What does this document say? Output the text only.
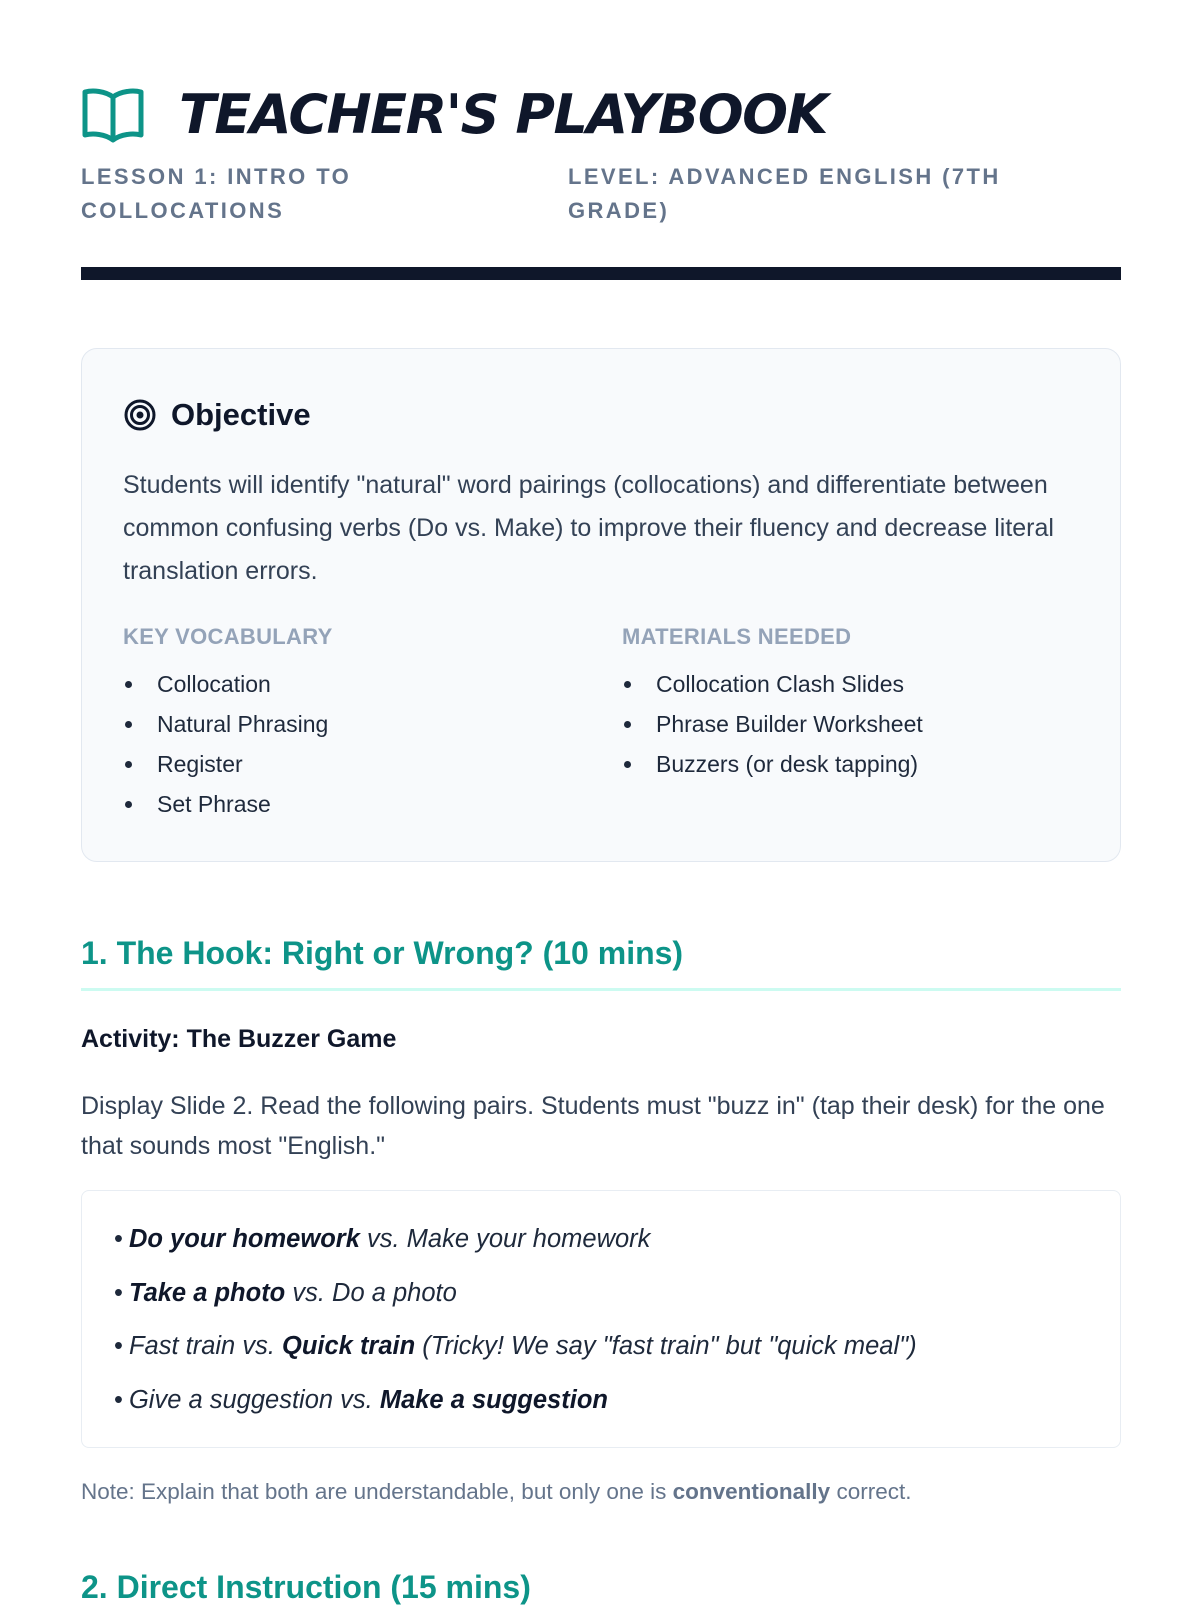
TEACHER'S PLAYBOOK
LESSON 1: INTRO TO COLLOCATIONS
LEVEL: ADVANCED ENGLISH (7TH GRADE)
Objective
Students will identify "natural" word pairings (collocations) and differentiate between common confusing verbs (Do vs. Make) to improve their fluency and decrease literal translation errors.
KEY VOCABULARY
Collocation
Natural Phrasing
Register
Set Phrase
MATERIALS NEEDED
Collocation Clash Slides
Phrase Builder Worksheet
Buzzers (or desk tapping)
1. The Hook: Right or Wrong? (10 mins)
Activity: The Buzzer Game
Display Slide 2. Read the following pairs. Students must "buzz in" (tap their desk) for the one that sounds most "English."
• Do your homework vs. Make your homework
• Take a photo vs. Do a photo
• Fast train vs. Quick train (Tricky! We say "fast train" but "quick meal")
• Give a suggestion vs. Make a suggestion
Note: Explain that both are understandable, but only one is conventionally correct.
2. Direct Instruction (15 mins)
